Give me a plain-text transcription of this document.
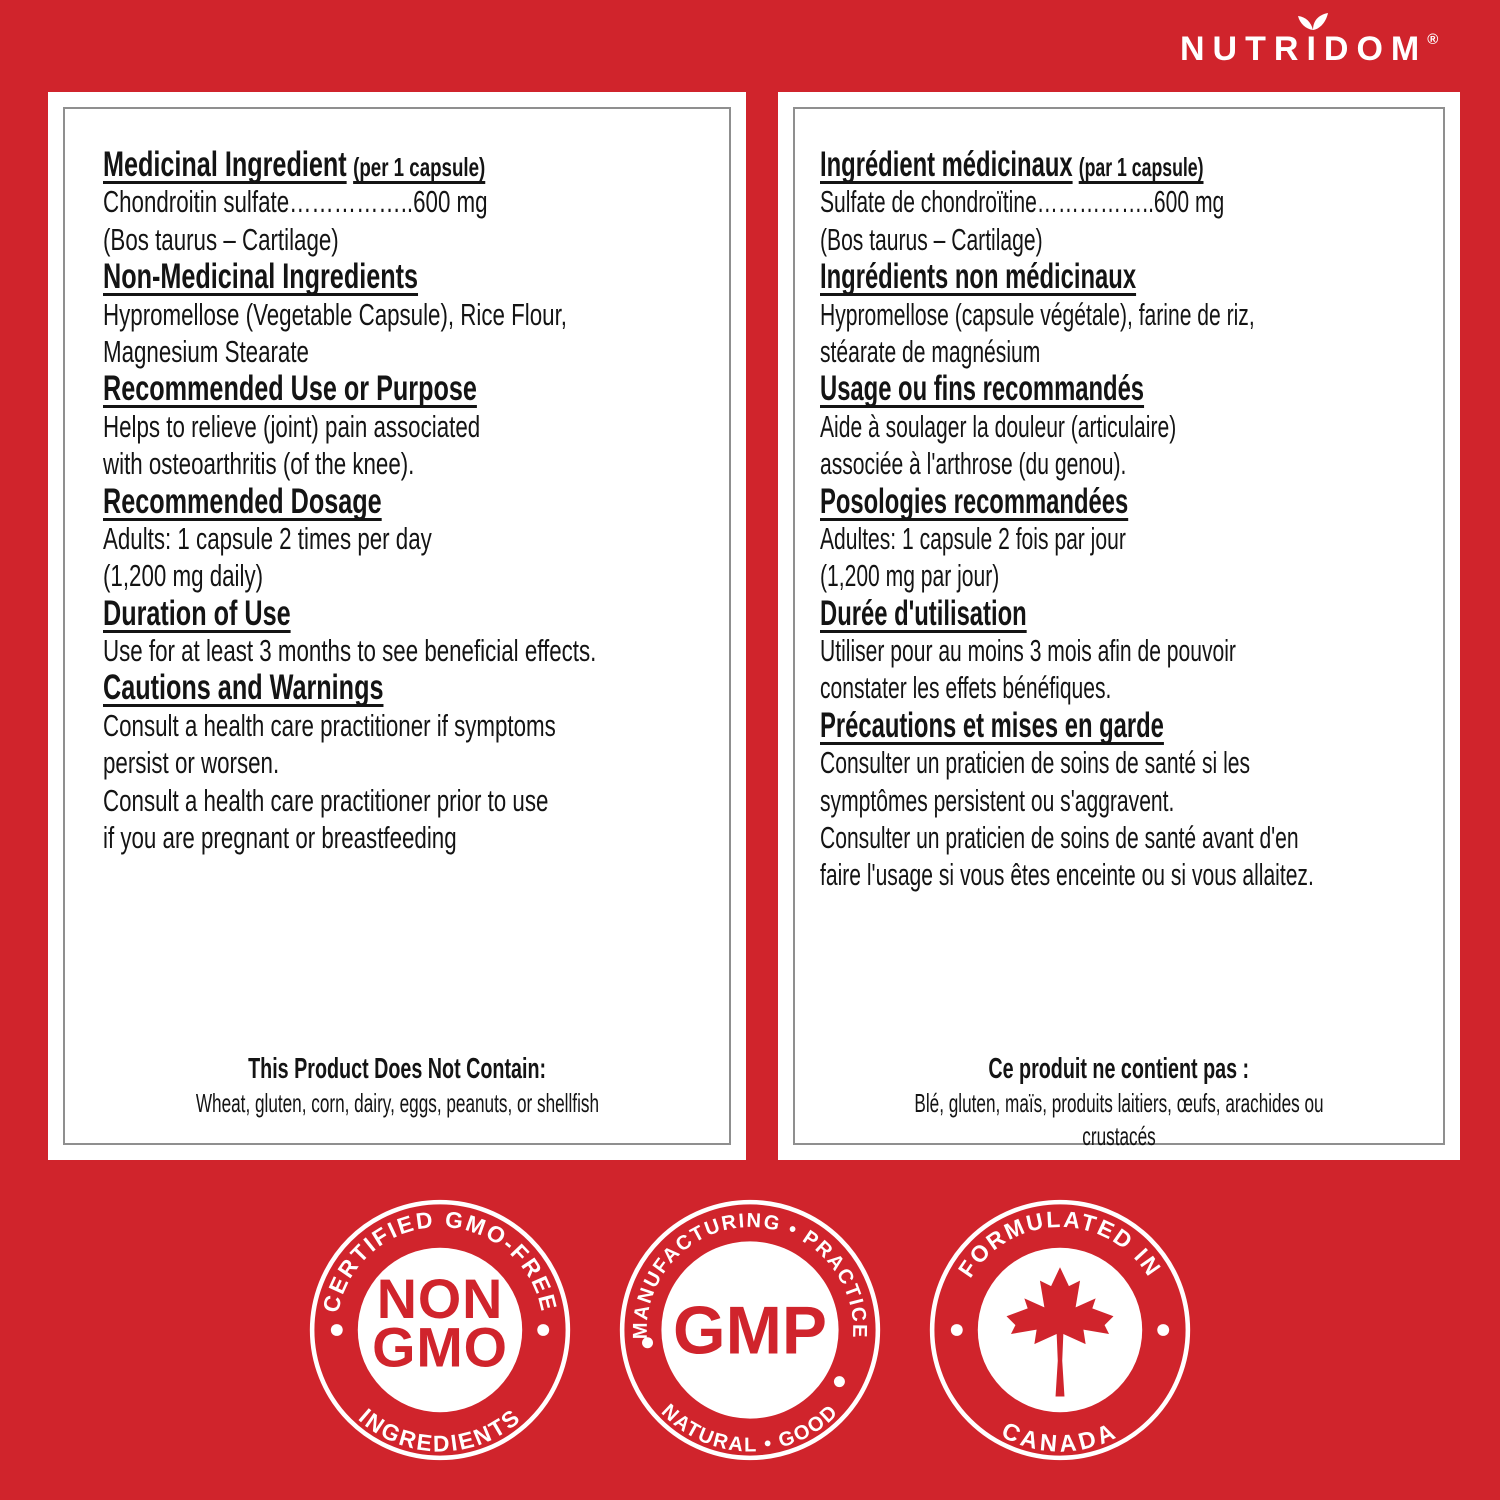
NUTR
IDOM®
Medicinal Ingredient (per 1 capsule)

Chondroitin sulfate……………..600 mg

(Bos taurus – Cartilage)

Non-Medicinal Ingredients

Hypromellose (Vegetable Capsule), Rice Flour,

Magnesium Stearate

Recommended Use or Purpose

Helps to relieve (joint) pain associated

with osteoarthritis (of the knee).

Recommended Dosage

Adults: 1 capsule 2 times per day

(1,200 mg daily)

Duration of Use

Use for at least 3 months to see beneficial effects.

Cautions and Warnings

Consult a health care practitioner if symptoms

persist or worsen.

Consult a health care practitioner prior to use

if you are pregnant or breastfeeding

This Product Does Not Contain:
Wheat, gluten, corn, dairy, eggs, peanuts, or shellfish
Ingrédient médicinaux (par 1 capsule)

Sulfate de chondroïtine……………..600 mg

(Bos taurus – Cartilage)

Ingrédients non médicinaux

Hypromellose (capsule végétale), farine de riz,

stéarate de magnésium

Usage ou fins recommandés

Aide à soulager la douleur (articulaire)

associée à l'arthrose (du genou).

Posologies recommandées

Adultes: 1 capsule 2 fois par jour

(1,200 mg par jour)

Durée d'utilisation

Utiliser pour au moins 3 mois afin de pouvoir

constater les effets bénéfiques.

Précautions et mises en garde

Consulter un praticien de soins de santé si les

symptômes persistent ou s'aggravent.

Consulter un praticien de soins de santé avant d'en

faire l'usage si vous êtes enceinte ou si vous allaitez.

Ce produit ne contient pas :
Blé, gluten, maïs, produits laitiers, œufs, arachides ou crustacés
CERTIFIED GMO-FREE
INGREDIENTS
NON
GMO	MANUFACTURING • PRACTICE
NATURAL • GOOD
GMP
FORMULATED IN
CANADA
